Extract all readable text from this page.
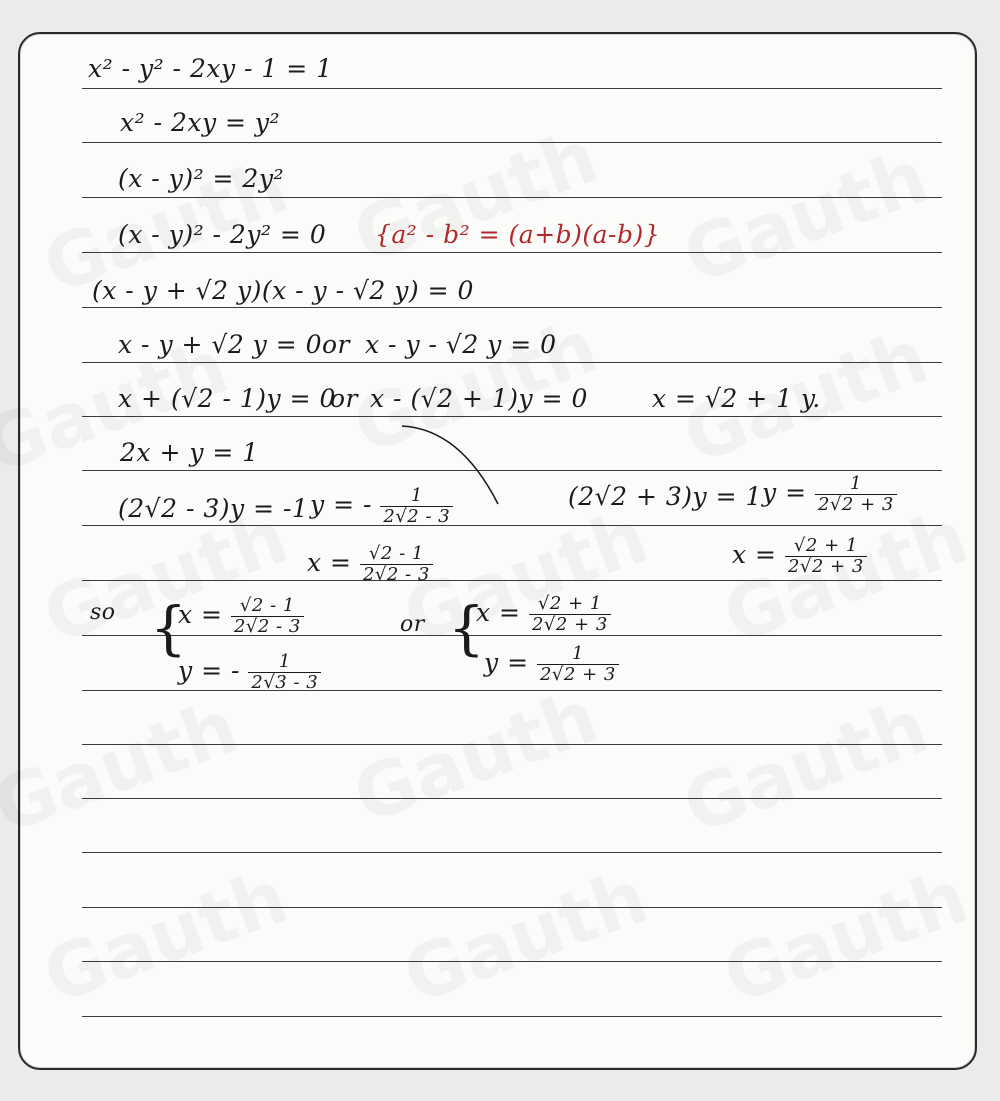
x² - y² - 2xy - 1 = 1
x² - 2xy = y²
(x - y)² = 2y²
(x - y)² - 2y² = 0 {a² - b² = (a+b)(a-b)}
(x - y + √2 y)(x - y - √2 y) = 0
x - y + √2 y = 0 or x - y - √2 y = 0
x + (√2 - 1)y = 0
or x - (√2 + 1)y = 0	x = √2 + 1 y.
2x + y = 1
(2√2 - 3)y = -1 y = - $\frac{1}{2√2 - 3}$
$x = \frac{√2 - 1}{2√2 - 3}$
(2√2 + 3)y = 1 $y = \frac{1}{2√2 + 3}$
$x = \frac{√2 + 1}{2√2 + 3}$
so {
$x = \frac{√2 - 1}{2√2 - 3}$
y = - $\frac{1}{2√3 - 3}$
or {
$x = \frac{√2 + 1}{2√2 + 3}$
$y = \frac{1}{2√2 + 3}$
